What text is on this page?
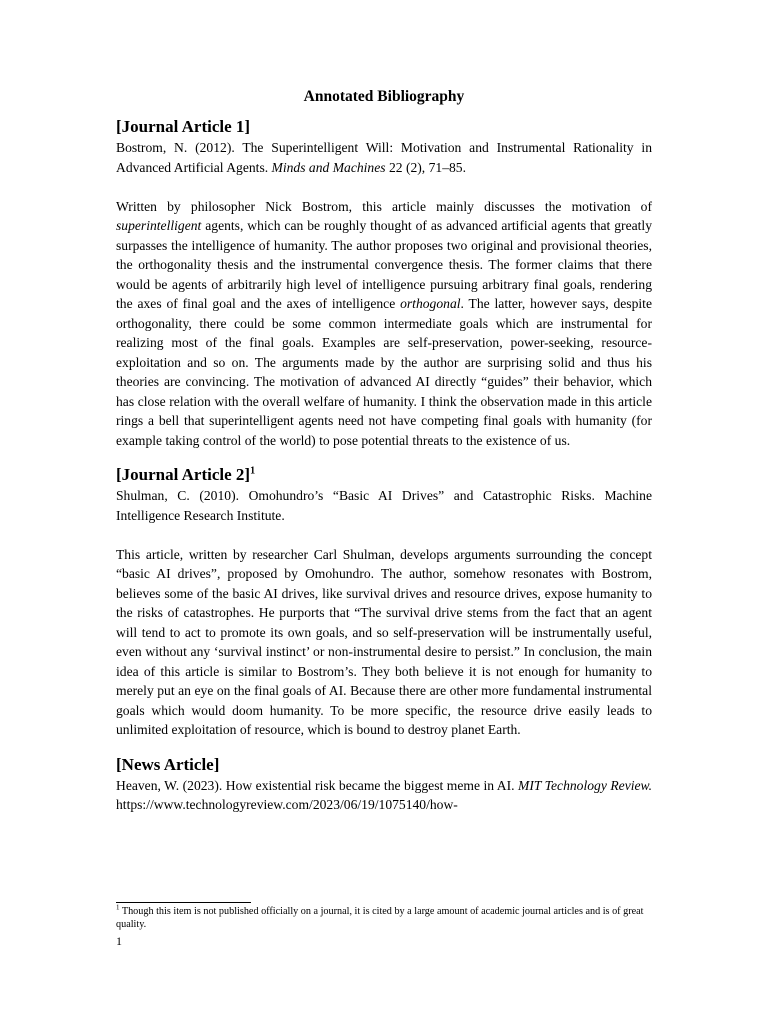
Annotated Bibliography

[Journal Article 1]

Bostrom, N. (2012). The Superintelligent Will: Motivation and Instrumental Rationality in Advanced Artificial Agents. Minds and Machines 22 (2), 71–85.

Written by philosopher Nick Bostrom, this article mainly discusses the motivation of superintelligent agents, which can be roughly thought of as advanced artificial agents that greatly surpasses the intelligence of humanity. The author proposes two original and provisional theories, the orthogonality thesis and the instrumental convergence thesis. The former claims that there would be agents of arbitrarily high level of intelligence pursuing arbitrary final goals, rendering the axes of final goal and the axes of intelligence orthogonal. The latter, however says, despite orthogonality, there could be some common intermediate goals which are instrumental for realizing most of the final goals. Examples are self-preservation, power-seeking, resource-exploitation and so on. The arguments made by the author are surprising solid and thus his theories are convincing. The motivation of advanced AI directly “guides” their behavior, which has close relation with the overall welfare of humanity. I think the observation made in this article rings a bell that superintelligent agents need not have competing final goals with humanity (for example taking control of the world) to pose potential threats to the existence of us.

[Journal Article 2]$^1$

Shulman, C. (2010). Omohundro’s “Basic AI Drives” and Catastrophic Risks. Machine Intelligence Research Institute.

This article, written by researcher Carl Shulman, develops arguments surrounding the concept “basic AI drives”, proposed by Omohundro. The author, somehow resonates with Bostrom, believes some of the basic AI drives, like survival drives and resource drives, expose humanity to the risks of catastrophes. He purports that “The survival drive stems from the fact that an agent will tend to act to promote its own goals, and so self-preservation will be instrumentally useful, even without any ‘survival instinct’ or non-instrumental desire to persist.” In conclusion, the main idea of this article is similar to Bostrom’s. They both believe it is not enough for humanity to merely put an eye on the final goals of AI. Because there are other more fundamental instrumental goals which would doom humanity. To be more specific, the resource drive easily leads to unlimited exploitation of resource, which is bound to destroy planet Earth.

[News Article]

Heaven, W. (2023). How existential risk became the biggest meme in AI. MIT Technology Review. https://www.technologyreview.com/2023/06/19/1075140/how-

$^1$ Though this item is not published officially on a journal, it is cited by a large amount of academic journal articles and is of great quality.

1
